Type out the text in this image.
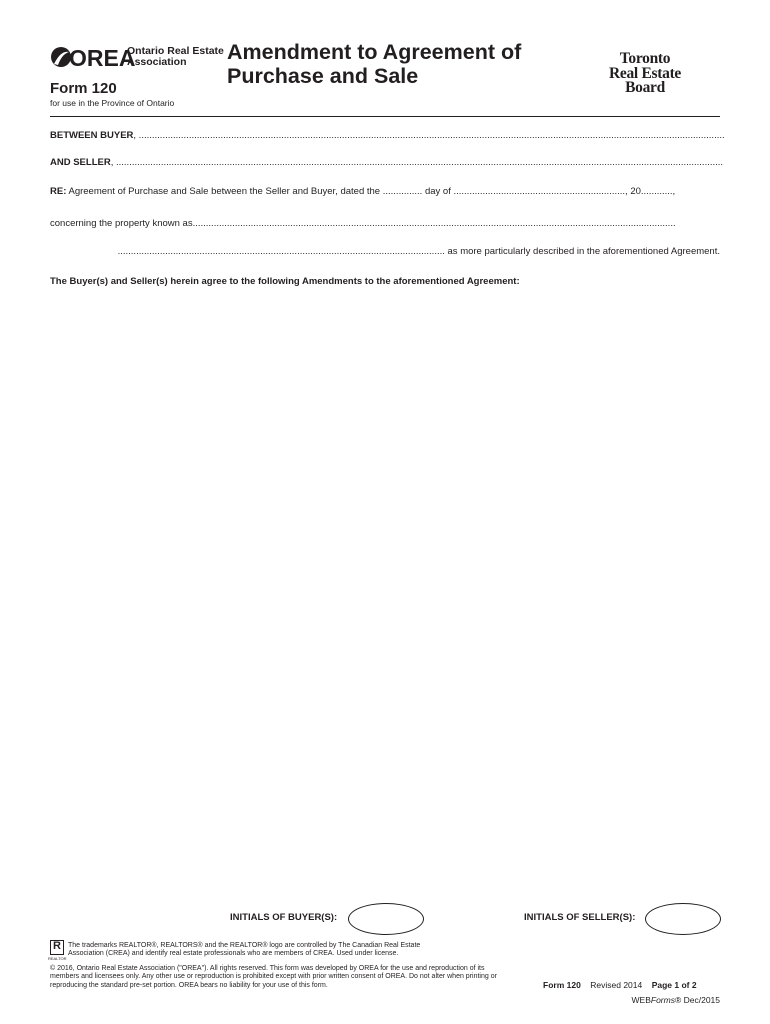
OREA
Ontario Real Estate
Association
Form 120
for use in the Province of Ontario
Amendment to Agreement of
Purchase and Sale
Toronto
Real Estate
Board
BETWEEN BUYER, ..............................................................................................................................................................................................................................
AND SELLER, ......................................................................................................................................................................................................................................
RE: Agreement of Purchase and Sale between the Seller and Buyer, dated the ............... day of ................................................................., 20............,
concerning the property known as.......................................................................................................................................................................................
............................................................................................................................ as more particularly described in the aforementioned Agreement.
The Buyer(s) and Seller(s) herein agree to the following Amendments to the aforementioned Agreement:
INITIALS OF BUYER(S):	INITIALS OF SELLER(S):
R
REALTOR
The trademarks REALTOR®, REALTORS® and the REALTOR® logo are controlled by The Canadian Real Estate Association (CREA) and identify real estate professionals who are members of CREA. Used under license.
© 2016, Ontario Real Estate Association ("OREA"). All rights reserved. This form was developed by OREA for the use and reproduction of its members and licensees only. Any other use or reproduction is prohibited except with prior written consent of OREA. Do not alter when printing or reproducing the standard pre-set portion. OREA bears no liability for your use of this form.	Form 120 Revised 2014 Page 1 of 2
WEBForms® Dec/2015
